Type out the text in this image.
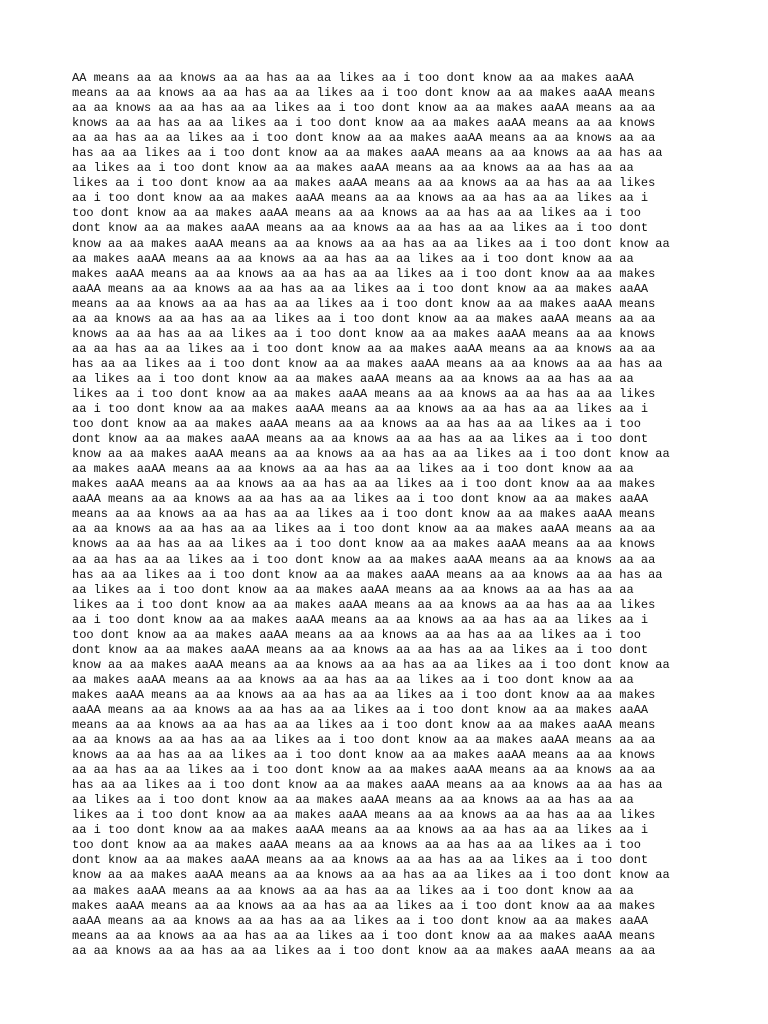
AA means aa aa knows aa aa has aa aa likes aa i too dont know aa aa makes aaAA
means aa aa knows aa aa has aa aa likes aa i too dont know aa aa makes aaAA means
aa aa knows aa aa has aa aa likes aa i too dont know aa aa makes aaAA means aa aa
knows aa aa has aa aa likes aa i too dont know aa aa makes aaAA means aa aa knows
aa aa has aa aa likes aa i too dont know aa aa makes aaAA means aa aa knows aa aa
has aa aa likes aa i too dont know aa aa makes aaAA means aa aa knows aa aa has aa
aa likes aa i too dont know aa aa makes aaAA means aa aa knows aa aa has aa aa
likes aa i too dont know aa aa makes aaAA means aa aa knows aa aa has aa aa likes
aa i too dont know aa aa makes aaAA means aa aa knows aa aa has aa aa likes aa i
too dont know aa aa makes aaAA means aa aa knows aa aa has aa aa likes aa i too
dont know aa aa makes aaAA means aa aa knows aa aa has aa aa likes aa i too dont
know aa aa makes aaAA means aa aa knows aa aa has aa aa likes aa i too dont know aa
aa makes aaAA means aa aa knows aa aa has aa aa likes aa i too dont know aa aa
makes aaAA means aa aa knows aa aa has aa aa likes aa i too dont know aa aa makes
aaAA means aa aa knows aa aa has aa aa likes aa i too dont know aa aa makes aaAA
means aa aa knows aa aa has aa aa likes aa i too dont know aa aa makes aaAA means
aa aa knows aa aa has aa aa likes aa i too dont know aa aa makes aaAA means aa aa
knows aa aa has aa aa likes aa i too dont know aa aa makes aaAA means aa aa knows
aa aa has aa aa likes aa i too dont know aa aa makes aaAA means aa aa knows aa aa
has aa aa likes aa i too dont know aa aa makes aaAA means aa aa knows aa aa has aa
aa likes aa i too dont know aa aa makes aaAA means aa aa knows aa aa has aa aa
likes aa i too dont know aa aa makes aaAA means aa aa knows aa aa has aa aa likes
aa i too dont know aa aa makes aaAA means aa aa knows aa aa has aa aa likes aa i
too dont know aa aa makes aaAA means aa aa knows aa aa has aa aa likes aa i too
dont know aa aa makes aaAA means aa aa knows aa aa has aa aa likes aa i too dont
know aa aa makes aaAA means aa aa knows aa aa has aa aa likes aa i too dont know aa
aa makes aaAA means aa aa knows aa aa has aa aa likes aa i too dont know aa aa
makes aaAA means aa aa knows aa aa has aa aa likes aa i too dont know aa aa makes
aaAA means aa aa knows aa aa has aa aa likes aa i too dont know aa aa makes aaAA
means aa aa knows aa aa has aa aa likes aa i too dont know aa aa makes aaAA means
aa aa knows aa aa has aa aa likes aa i too dont know aa aa makes aaAA means aa aa
knows aa aa has aa aa likes aa i too dont know aa aa makes aaAA means aa aa knows
aa aa has aa aa likes aa i too dont know aa aa makes aaAA means aa aa knows aa aa
has aa aa likes aa i too dont know aa aa makes aaAA means aa aa knows aa aa has aa
aa likes aa i too dont know aa aa makes aaAA means aa aa knows aa aa has aa aa
likes aa i too dont know aa aa makes aaAA means aa aa knows aa aa has aa aa likes
aa i too dont know aa aa makes aaAA means aa aa knows aa aa has aa aa likes aa i
too dont know aa aa makes aaAA means aa aa knows aa aa has aa aa likes aa i too
dont know aa aa makes aaAA means aa aa knows aa aa has aa aa likes aa i too dont
know aa aa makes aaAA means aa aa knows aa aa has aa aa likes aa i too dont know aa
aa makes aaAA means aa aa knows aa aa has aa aa likes aa i too dont know aa aa
makes aaAA means aa aa knows aa aa has aa aa likes aa i too dont know aa aa makes
aaAA means aa aa knows aa aa has aa aa likes aa i too dont know aa aa makes aaAA
means aa aa knows aa aa has aa aa likes aa i too dont know aa aa makes aaAA means
aa aa knows aa aa has aa aa likes aa i too dont know aa aa makes aaAA means aa aa
knows aa aa has aa aa likes aa i too dont know aa aa makes aaAA means aa aa knows
aa aa has aa aa likes aa i too dont know aa aa makes aaAA means aa aa knows aa aa
has aa aa likes aa i too dont know aa aa makes aaAA means aa aa knows aa aa has aa
aa likes aa i too dont know aa aa makes aaAA means aa aa knows aa aa has aa aa
likes aa i too dont know aa aa makes aaAA means aa aa knows aa aa has aa aa likes
aa i too dont know aa aa makes aaAA means aa aa knows aa aa has aa aa likes aa i
too dont know aa aa makes aaAA means aa aa knows aa aa has aa aa likes aa i too
dont know aa aa makes aaAA means aa aa knows aa aa has aa aa likes aa i too dont
know aa aa makes aaAA means aa aa knows aa aa has aa aa likes aa i too dont know aa
aa makes aaAA means aa aa knows aa aa has aa aa likes aa i too dont know aa aa
makes aaAA means aa aa knows aa aa has aa aa likes aa i too dont know aa aa makes
aaAA means aa aa knows aa aa has aa aa likes aa i too dont know aa aa makes aaAA
means aa aa knows aa aa has aa aa likes aa i too dont know aa aa makes aaAA means
aa aa knows aa aa has aa aa likes aa i too dont know aa aa makes aaAA means aa aa
